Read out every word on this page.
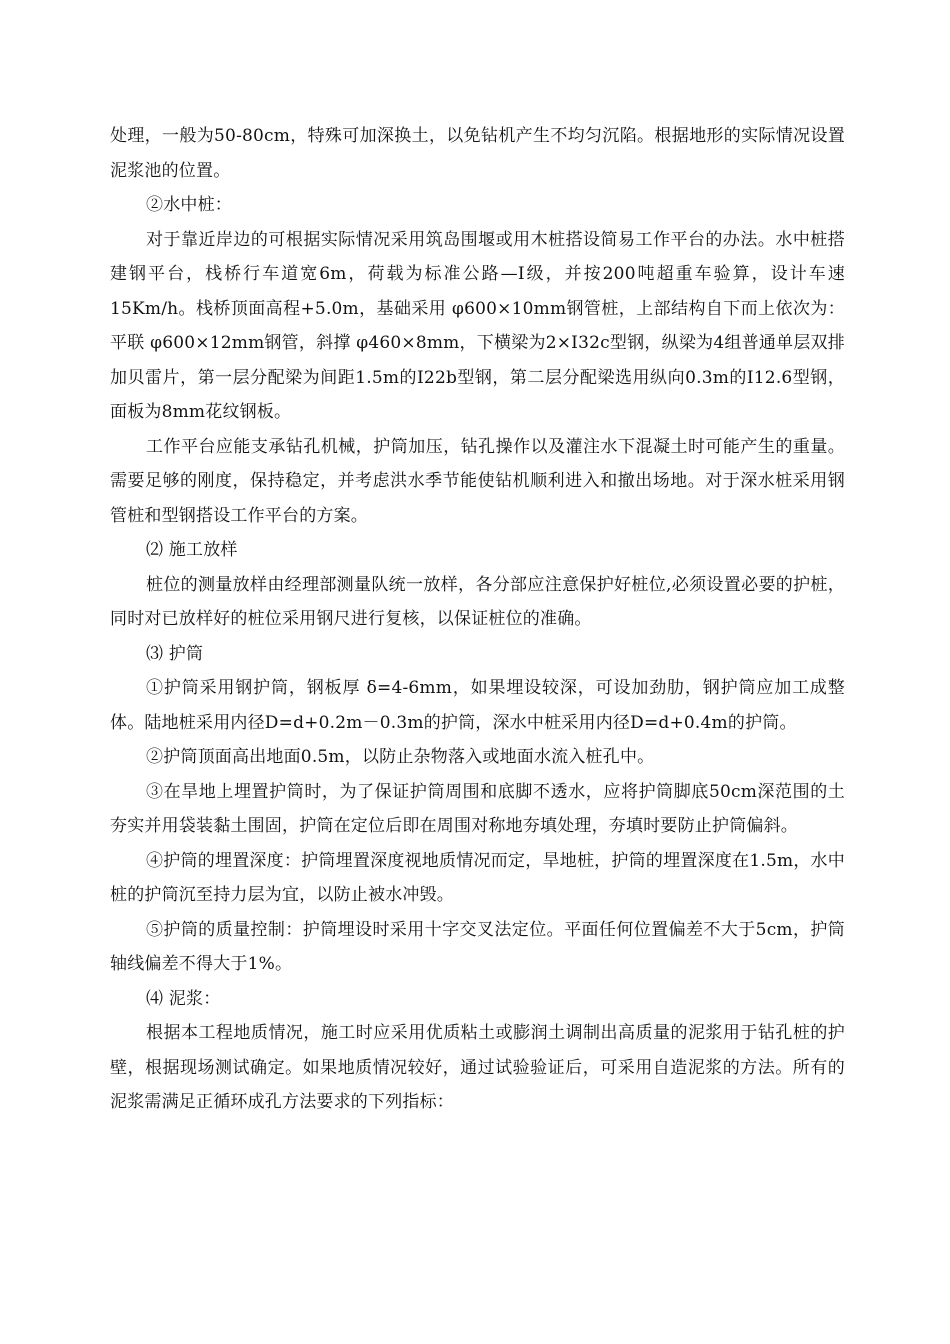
处理，一般为50-80cm，特殊可加深换土，以免钻机产生不均匀沉陷。根据地形的实际情况设置泥浆池的位置。

②水中桩：

对于靠近岸边的可根据实际情况采用筑岛围堰或用木桩搭设简易工作平台的办法。水中桩搭建钢平台，栈桥行车道宽6m，荷载为标准公路—I级，并按200吨超重车验算，设计车速15Km/h。栈桥顶面高程+5.0m，基础采用 φ600×10mm钢管桩，上部结构自下而上依次为：平联 φ600×12mm钢管，斜撑 φ460×8mm，下横梁为2×I32c型钢，纵梁为4组普通单层双排加贝雷片，第一层分配梁为间距1.5m的I22b型钢，第二层分配梁选用纵向0.3m的I12.6型钢，面板为8mm花纹钢板。

工作平台应能支承钻孔机械，护筒加压，钻孔操作以及灌注水下混凝土时可能产生的重量。需要足够的刚度，保持稳定，并考虑洪水季节能使钻机顺利进入和撤出场地。对于深水桩采用钢管桩和型钢搭设工作平台的方案。

⑵ 施工放样

桩位的测量放样由经理部测量队统一放样，各分部应注意保护好桩位,必须设置必要的护桩，同时对已放样好的桩位采用钢尺进行复核，以保证桩位的准确。

⑶ 护筒

①护筒采用钢护筒，钢板厚 δ=4-6mm，如果埋设较深，可设加劲肋，钢护筒应加工成整体。陆地桩采用内径D=d+0.2m－0.3m的护筒，深水中桩采用内径D=d+0.4m的护筒。

②护筒顶面高出地面0.5m，以防止杂物落入或地面水流入桩孔中。

③在旱地上埋置护筒时，为了保证护筒周围和底脚不透水，应将护筒脚底50cm深范围的土夯实并用袋装黏土围固，护筒在定位后即在周围对称地夯填处理，夯填时要防止护筒偏斜。

④护筒的埋置深度：护筒埋置深度视地质情况而定，旱地桩，护筒的埋置深度在1.5m，水中桩的护筒沉至持力层为宜，以防止被水冲毁。

⑤护筒的质量控制：护筒埋设时采用十字交叉法定位。平面任何位置偏差不大于5cm，护筒轴线偏差不得大于1%。

⑷ 泥浆：

根据本工程地质情况，施工时应采用优质粘土或膨润土调制出高质量的泥浆用于钻孔桩的护壁，根据现场测试确定。如果地质情况较好，通过试验验证后，可采用自造泥浆的方法。所有的泥浆需满足正循环成孔方法要求的下列指标：
